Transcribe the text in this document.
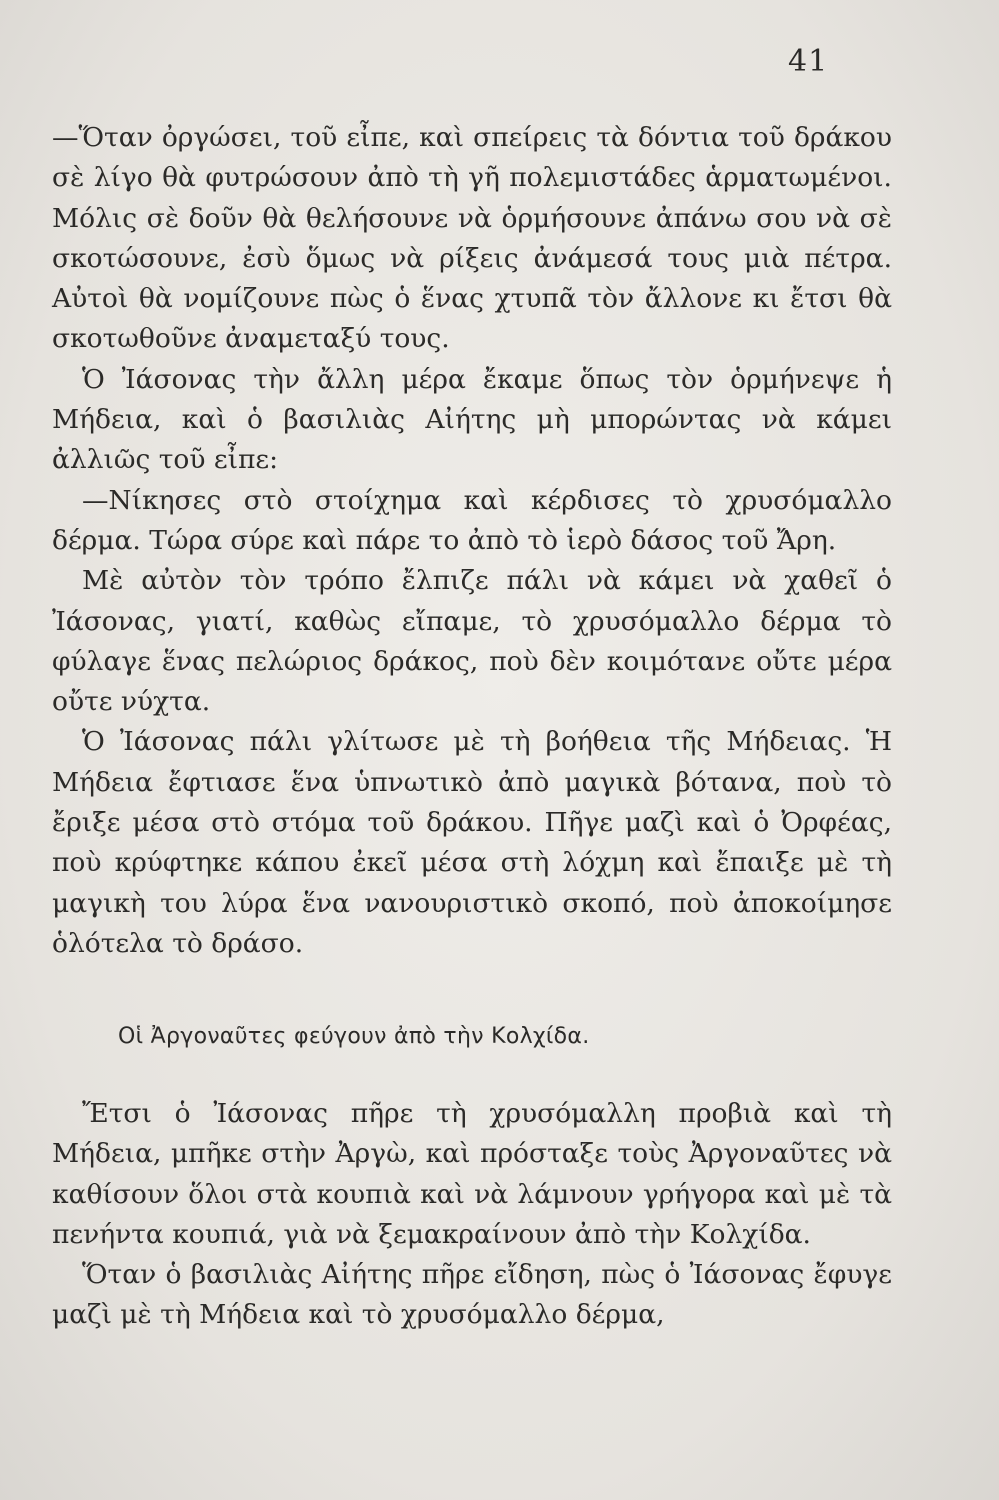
41

—Ὅταν ὀργώσει, τοῦ εἶπε, καὶ σπείρεις τὰ δόντια τοῦ δράκου σὲ λίγο θὰ φυτρώσουν ἀπὸ τὴ γῆ πολεμιστάδες ἁρματωμένοι. Μόλις σὲ δοῦν θὰ θελήσουνε νὰ ὁρμήσουνε ἀπάνω σου νὰ σὲ σκοτώσουνε, ἐσὺ ὅμως νὰ ρίξεις ἀνάμεσά τους μιὰ πέτρα. Αὐτοὶ θὰ νομίζουνε πὼς ὁ ἕνας χτυπᾶ τὸν ἄλλονε κι ἔτσι θὰ σκοτωθοῦνε ἀναμεταξύ τους.

Ὁ Ἰάσονας τὴν ἄλλη μέρα ἔκαμε ὅπως τὸν ὁρμήνεψε ἡ Μήδεια, καὶ ὁ βασιλιὰς Αἰήτης μὴ μπορώντας νὰ κάμει ἀλλιῶς τοῦ εἶπε:

—Νίκησες στὸ στοίχημα καὶ κέρδισες τὸ χρυσόμαλλο δέρμα. Τώρα σύρε καὶ πάρε το ἀπὸ τὸ ἱερὸ δάσος τοῦ Ἄρη.

Μὲ αὐτὸν τὸν τρόπο ἔλπιζε πάλι νὰ κάμει νὰ χαθεῖ ὁ Ἰάσονας, γιατί, καθὼς εἴπαμε, τὸ χρυσόμαλλο δέρμα τὸ φύλαγε ἕνας πελώριος δράκος, ποὺ δὲν κοιμότανε οὔτε μέρα οὔτε νύχτα.

Ὁ Ἰάσονας πάλι γλίτωσε μὲ τὴ βοήθεια τῆς Μήδειας. Ἡ Μήδεια ἔφτιασε ἕνα ὑπνωτικὸ ἀπὸ μαγικὰ βότανα, ποὺ τὸ ἔριξε μέσα στὸ στόμα τοῦ δράκου. Πῆγε μαζὶ καὶ ὁ Ὀρφέας, ποὺ κρύφτηκε κάπου ἐκεῖ μέσα στὴ λόχμη καὶ ἔπαιξε μὲ τὴ μαγικὴ του λύρα ἕνα νανουριστικὸ σκοπό, ποὺ ἀποκοίμησε ὁλότελα τὸ δράσο.

Οἱ Ἀργοναῦτες φεύγουν ἀπὸ τὴν Κολχίδα.

Ἔτσι ὁ Ἰάσονας πῆρε τὴ χρυσόμαλλη προβιὰ καὶ τὴ Μήδεια, μπῆκε στὴν Ἀργὼ, καὶ πρόσταξε τοὺς Ἀργοναῦτες νὰ καθίσουν ὅλοι στὰ κουπιὰ καὶ νὰ λάμνουν γρήγορα καὶ μὲ τὰ πενήντα κουπιά, γιὰ νὰ ξεμακραίνουν ἀπὸ τὴν Κολχίδα.

Ὅταν ὁ βασιλιὰς Αἰήτης πῆρε εἴδηση, πὼς ὁ Ἰάσονας ἔφυγε μαζὶ μὲ τὴ Μήδεια καὶ τὸ χρυσόμαλλο δέρμα,
